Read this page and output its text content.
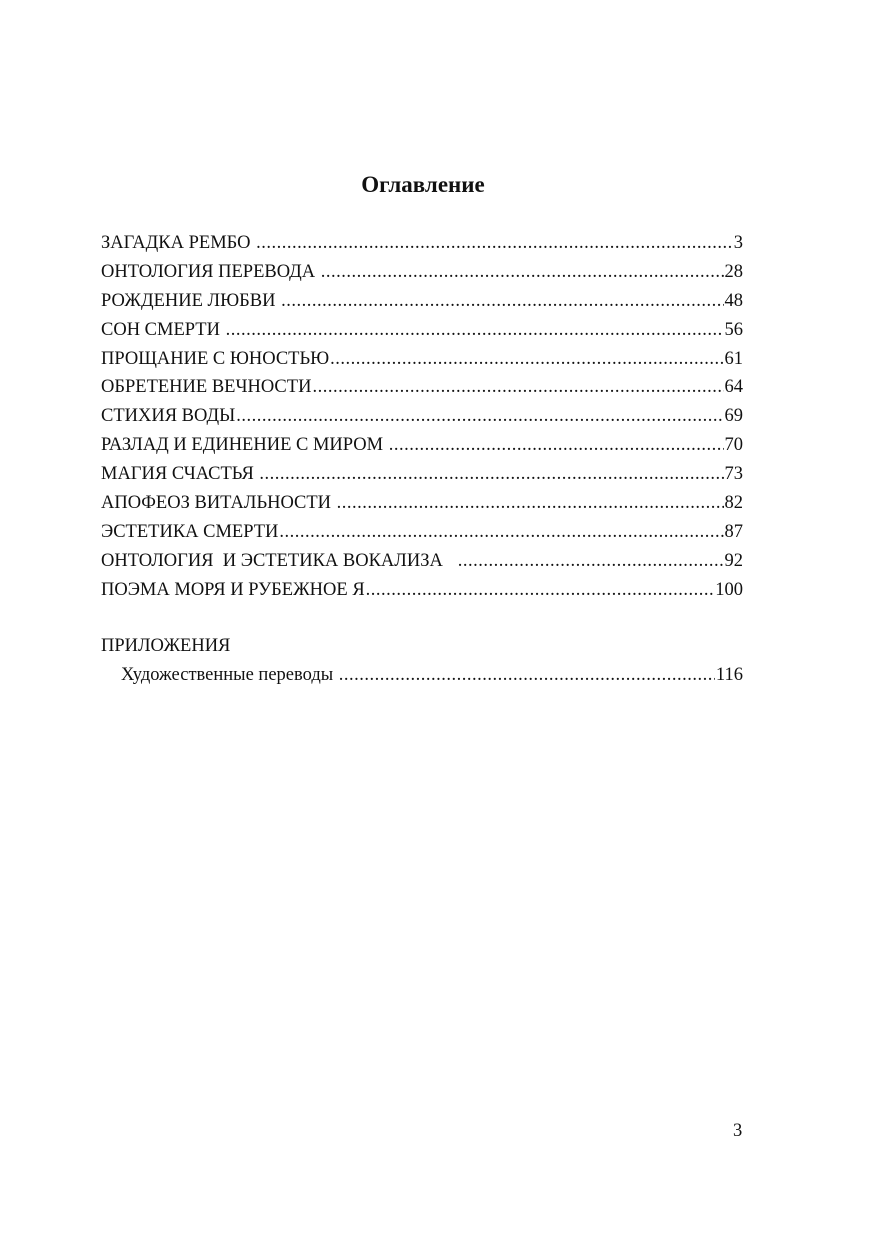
Оглавление
ЗАГАДКА РЕМБО .....	3
ОНТОЛОГИЯ ПЕРЕВОДА .....	28
РОЖДЕНИЕ ЛЮБВИ .....	48
СОН СМЕРТИ .....	56
ПРОЩАНИЕ С ЮНОСТЬЮ .....	61
ОБРЕТЕНИЕ ВЕЧНОСТИ .....	64
СТИХИЯ ВОДЫ .....	69
РАЗЛАД И ЕДИНЕНИЕ С МИРОМ .....	70
МАГИЯ СЧАСТЬЯ .....	73
АПОФЕОЗ ВИТАЛЬНОСТИ .....	82
ЭСТЕТИКА СМЕРТИ .....	87
ОНТОЛОГИЯ  И ЭСТЕТИКА ВОКАЛИЗА .....	92
ПОЭМА МОРЯ И РУБЕЖНОЕ Я .....	100

ПРИЛОЖЕНИЯ

Художественные переводы .....	116
3
